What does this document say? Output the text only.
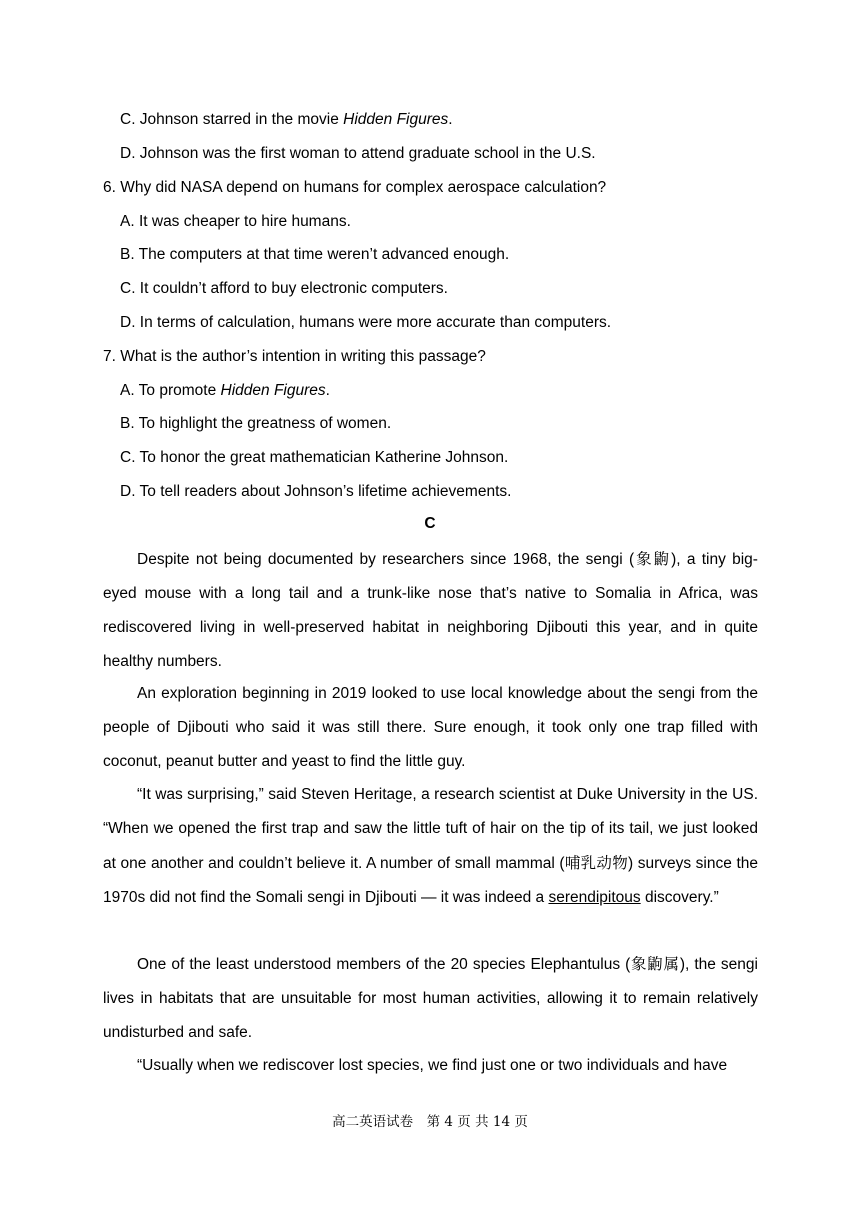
C. Johnson starred in the movie Hidden Figures.
D. Johnson was the first woman to attend graduate school in the U.S.
6. Why did NASA depend on humans for complex aerospace calculation?
A. It was cheaper to hire humans.
B. The computers at that time weren’t advanced enough.
C. It couldn’t afford to buy electronic computers.
D. In terms of calculation, humans were more accurate than computers.
7. What is the author’s intention in writing this passage?
A. To promote Hidden Figures.
B. To highlight the greatness of women.
C. To honor the great mathematician Katherine Johnson.
D. To tell readers about Johnson’s lifetime achievements.
C

Despite not being documented by researchers since 1968, the sengi (象鼩), a tiny big-eyed mouse with a long tail and a trunk-like nose that’s native to Somalia in Africa, was rediscovered living in well-preserved habitat in neighboring Djibouti this year, and in quite healthy numbers.

An exploration beginning in 2019 looked to use local knowledge about the sengi from the people of Djibouti who said it was still there. Sure enough, it took only one trap filled with coconut, peanut butter and yeast to find the little guy.

“It was surprising,” said Steven Heritage, a research scientist at Duke University in the US. “When we opened the first trap and saw the little tuft of hair on the tip of its tail, we just looked at one another and couldn’t believe it. A number of small mammal (哺乳动物) surveys since the 1970s did not find the Somali sengi in Djibouti — it was indeed a serendipitous discovery.”

One of the least understood members of the 20 species Elephantulus (象鼩属), the sengi lives in habitats that are unsuitable for most human activities, allowing it to remain relatively undisturbed and safe.

“Usually when we rediscover lost species, we find just one or two individuals and have

高二英语试卷　第 4 页 共 14 页
